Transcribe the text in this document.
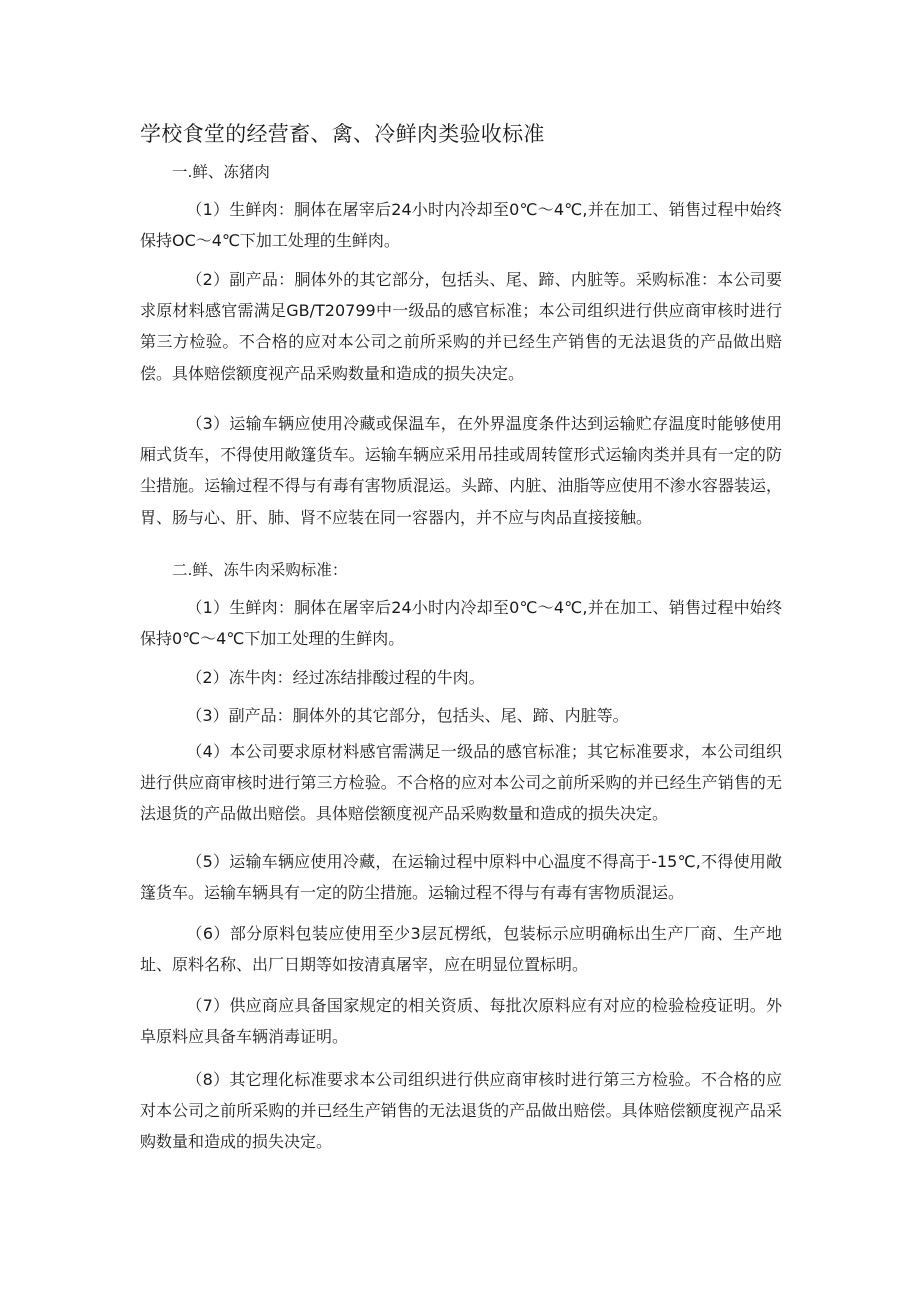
学校食堂的经营畜、禽、冷鲜肉类验收标准
一.鲜、冻猪肉
（1）生鲜肉：胴体在屠宰后24小时内冷却至0℃～4℃,并在加工、销售过程中始终保持OC～4℃下加工处理的生鲜肉。
（2）副产品：胴体外的其它部分，包括头、尾、蹄、内脏等。采购标准：本公司要求原材料感官需满足GB/T20799中一级品的感官标准；本公司组织进行供应商审核时进行第三方检验。不合格的应对本公司之前所采购的并已经生产销售的无法退货的产品做出赔偿。具体赔偿额度视产品采购数量和造成的损失决定。
（3）运输车辆应使用冷藏或保温车，在外界温度条件达到运输贮存温度时能够使用厢式货车，不得使用敞篷货车。运输车辆应采用吊挂或周转筐形式运输肉类并具有一定的防尘措施。运输过程不得与有毒有害物质混运。头蹄、内脏、油脂等应使用不渗水容器装运，胃、肠与心、肝、肺、肾不应装在同一容器内，并不应与肉品直接接触。
二.鲜、冻牛肉采购标准：
（1）生鲜肉：胴体在屠宰后24小时内冷却至0℃～4℃,并在加工、销售过程中始终保持0℃～4℃下加工处理的生鲜肉。
（2）冻牛肉：经过冻结排酸过程的牛肉。
（3）副产品：胴体外的其它部分，包括头、尾、蹄、内脏等。
（4）本公司要求原材料感官需满足一级品的感官标准；其它标准要求，本公司组织进行供应商审核时进行第三方检验。不合格的应对本公司之前所采购的并已经生产销售的无法退货的产品做出赔偿。具体赔偿额度视产品采购数量和造成的损失决定。
（5）运输车辆应使用冷藏，在运输过程中原料中心温度不得高于-15℃,不得使用敞篷货车。运输车辆具有一定的防尘措施。运输过程不得与有毒有害物质混运。
（6）部分原料包装应使用至少3层瓦楞纸，包装标示应明确标出生产厂商、生产地址、原料名称、出厂日期等如按清真屠宰，应在明显位置标明。
（7）供应商应具备国家规定的相关资质、每批次原料应有对应的检验检疫证明。外阜原料应具备车辆消毒证明。
（8）其它理化标准要求本公司组织进行供应商审核时进行第三方检验。不合格的应对本公司之前所采购的并已经生产销售的无法退货的产品做出赔偿。具体赔偿额度视产品采购数量和造成的损失决定。
